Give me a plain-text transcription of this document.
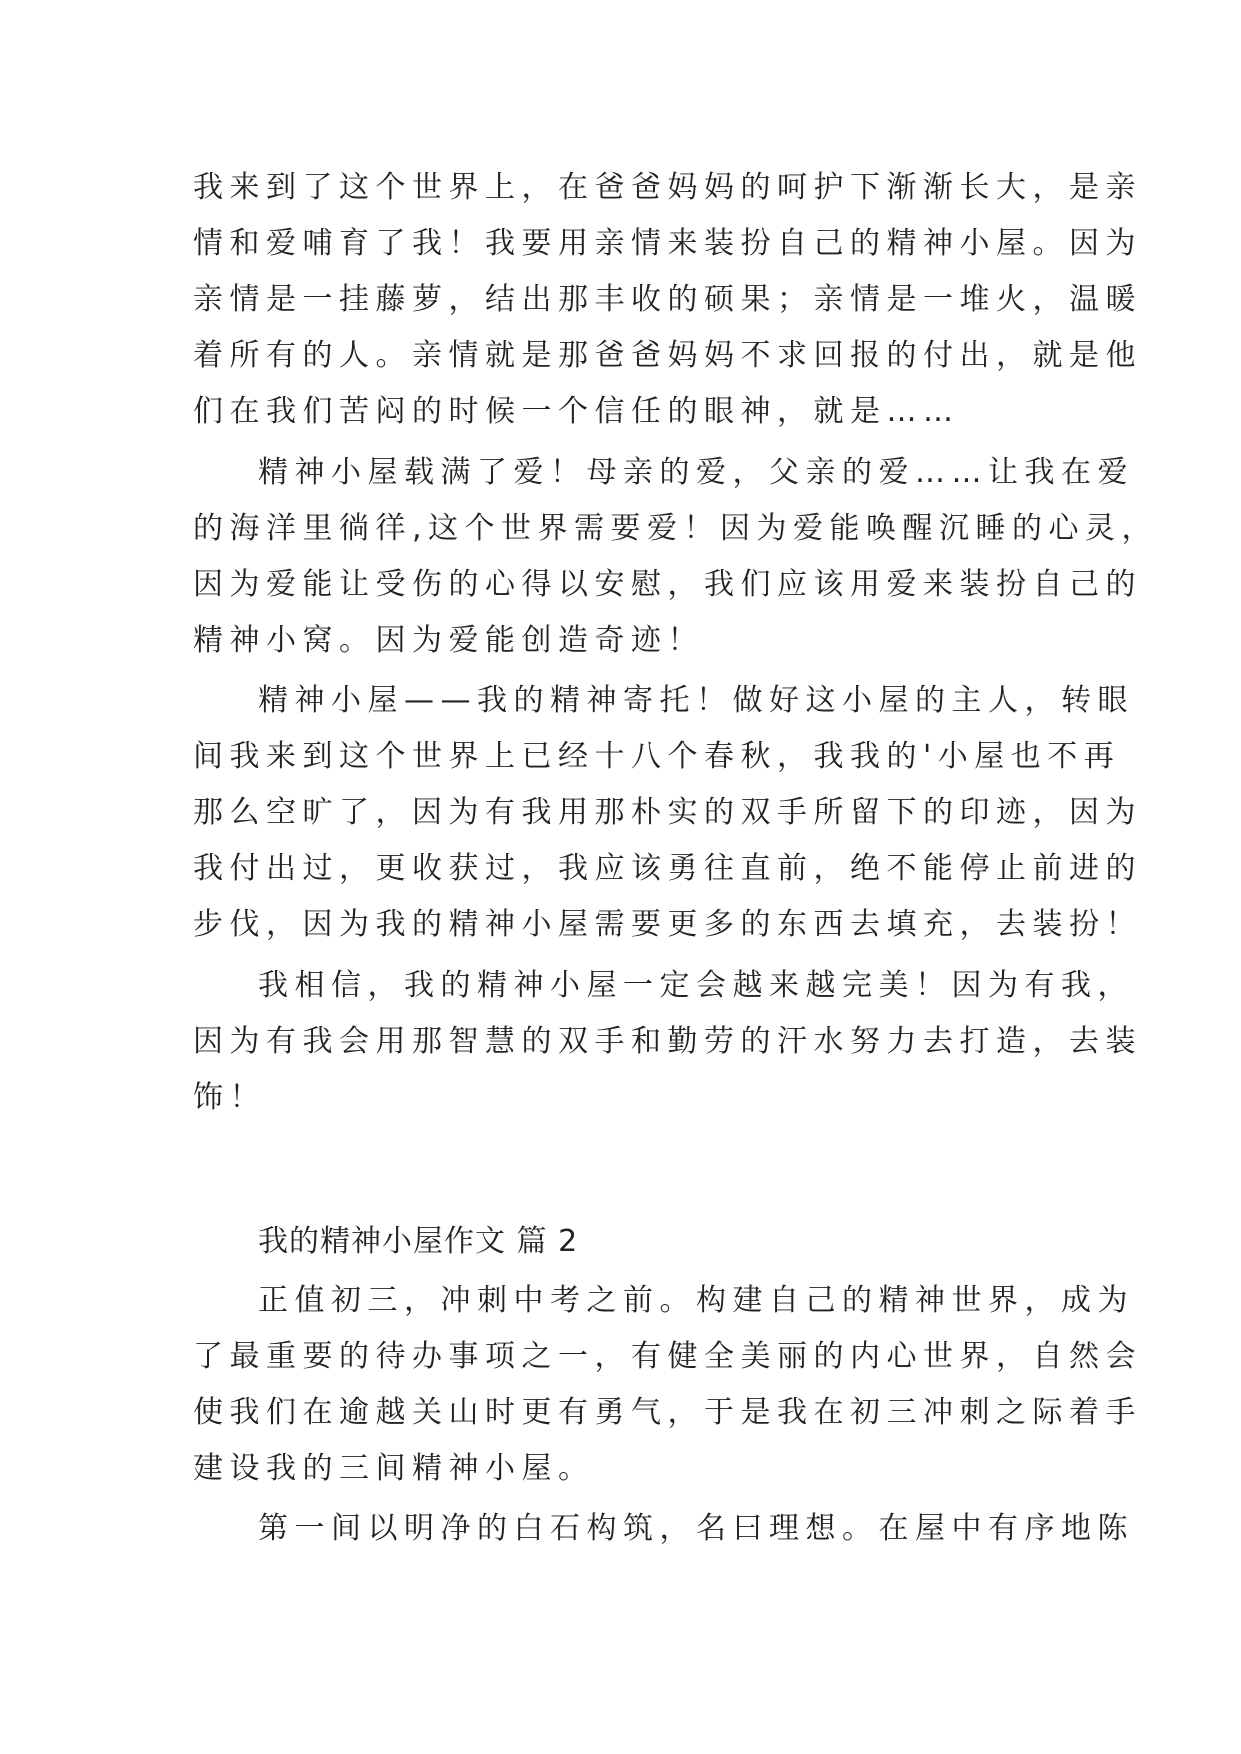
我来到了这个世界上，在爸爸妈妈的呵护下渐渐长大，是亲
情和爱哺育了我！我要用亲情来装扮自己的精神小屋。因为
亲情是一挂藤萝，结出那丰收的硕果；亲情是一堆火，温暖
着所有的人。亲情就是那爸爸妈妈不求回报的付出，就是他
们在我们苦闷的时候一个信任的眼神，就是……
精神小屋载满了爱！母亲的爱，父亲的爱……让我在爱
的海洋里徜徉,这个世界需要爱！因为爱能唤醒沉睡的心灵，
因为爱能让受伤的心得以安慰，我们应该用爱来装扮自己的
精神小窝。因为爱能创造奇迹！
精神小屋——我的精神寄托！做好这小屋的主人，转眼
间我来到这个世界上已经十八个春秋，我我的'小屋也不再
那么空旷了，因为有我用那朴实的双手所留下的印迹，因为
我付出过，更收获过，我应该勇往直前，绝不能停止前进的
步伐，因为我的精神小屋需要更多的东西去填充，去装扮！
我相信，我的精神小屋一定会越来越完美！因为有我，
因为有我会用那智慧的双手和勤劳的汗水努力去打造，去装
饰！
我的精神小屋作文 篇 2
正值初三，冲刺中考之前。构建自己的精神世界，成为
了最重要的待办事项之一，有健全美丽的内心世界，自然会
使我们在逾越关山时更有勇气，于是我在初三冲刺之际着手
建设我的三间精神小屋。
第一间以明净的白石构筑，名曰理想。在屋中有序地陈
